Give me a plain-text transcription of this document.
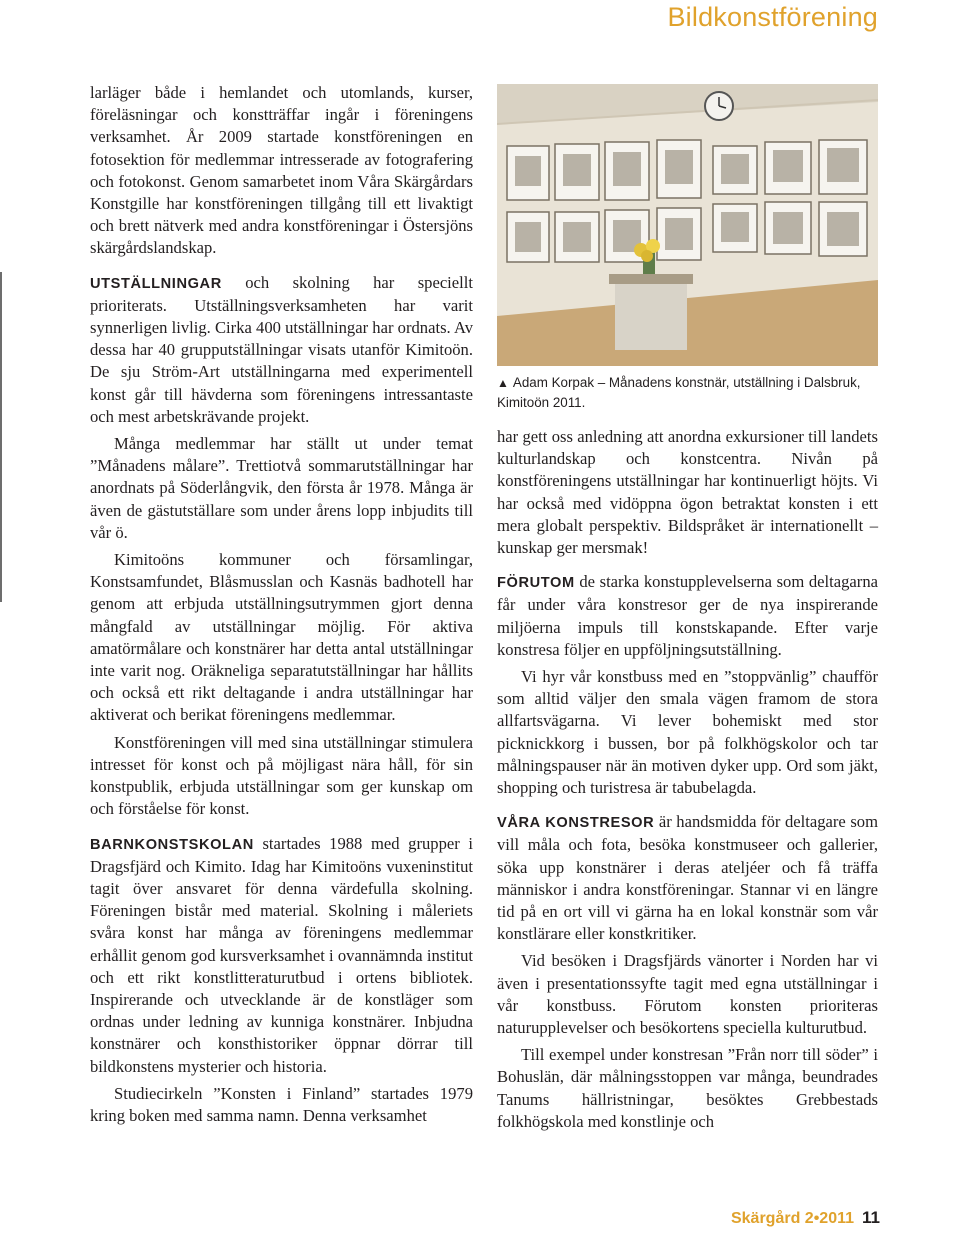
Bildkonstförening

larläger både i hemlandet och utomlands, kurser, föreläsningar och konstträffar ingår i föreningens verksamhet. År 2009 startade konstföreningen en fotosektion för medlemmar intresserade av fotografering och fotokonst. Genom samarbetet inom Våra Skärgårdars Konstgille har konstföreningen tillgång till ett livaktigt och brett nätverk med andra konstföreningar i Östersjöns skärgårdslandskap.

UTSTÄLLNINGAR och skolning har speciellt prioriterats. Utställningsverksamheten har varit synnerligen livlig. Cirka 400 utställningar har ordnats. Av dessa har 40 grupputställningar visats utanför Kimitoön. De sju Ström-Art utställningarna med experimentell konst går till hävderna som föreningens intressantaste och mest arbetskrävande projekt.

Många medlemmar har ställt ut under temat ”Månadens målare”. Trettiotvå sommarutställningar har anordnats på Söderlångvik, den första år 1978. Många är även de gästutställare som under årens lopp inbjudits till vår ö.

Kimitoöns kommuner och församlingar, Konstsamfundet, Blåsmusslan och Kasnäs badhotell har genom att erbjuda utställningsutrymmen gjort denna mångfald av utställningar möjlig. För aktiva amatörmålare och konstnärer har detta antal utställningar inte varit nog. Oräkneliga separatutställningar har hållits och också ett rikt deltagande i andra utställningar har aktiverat och berikat föreningens medlemmar.

Konstföreningen vill med sina utställningar stimulera intresset för konst och på möjligast nära håll, för sin konstpublik, erbjuda utställningar som ger kunskap om och förståelse för konst.

BARNKONSTSKOLAN startades 1988 med grupper i Dragsfjärd och Kimito. Idag har Kimitoöns vuxeninstitut tagit över ansvaret för denna värdefulla skolning. Föreningen bistår med material. Skolning i måleriets svåra konst har många av föreningens medlemmar erhållit genom god kursverksamhet i ovannämnda institut och ett rikt konstlitteraturutbud i ortens bibliotek. Inspirerande och utvecklande är de konstläger som ordnas under ledning av kunniga konstnärer. Inbjudna konstnärer och konsthistoriker öppnar dörrar till bildkonstens mysterier och historia.

Studiecirkeln ”Konsten i Finland” startades 1979 kring boken med samma namn. Denna verksamhet

▲ Adam Korpak – Månadens konstnär, utställning i Dalsbruk, Kimitoön 2011.

har gett oss anledning att anordna exkursioner till landets kulturlandskap och konstcentra. Nivån på konstföreningens utställningar har kontinuerligt höjts. Vi har också med vidöppna ögon betraktat konsten i ett mera globalt perspektiv. Bildspråket är internationellt – kunskap ger mersmak!

FÖRUTOM de starka konstupplevelserna som deltagarna får under våra konstresor ger de nya inspirerande miljöerna impuls till konstskapande. Efter varje konstresa följer en uppföljningsutställning.

Vi hyr vår konstbuss med en ”stoppvänlig” chaufför som alltid väljer den smala vägen framom de stora allfartsvägarna. Vi lever bohemiskt med stor picknickkorg i bussen, bor på folkhögskolor och tar målningspauser när än motiven dyker upp. Ord som jäkt, shopping och turistresa är tabubelagda.

VÅRA KONSTRESOR är handsmidda för deltagare som vill måla och fota, besöka konstmuseer och gallerier, söka upp konstnärer i deras ateljéer och få träffa människor i andra konstföreningar. Stannar vi en längre tid på en ort vill vi gärna ha en lokal konstnär som vår konstlärare eller konstkritiker.

Vid besöken i Dragsfjärds vänorter i Norden har vi även i presentationssyfte tagit med egna utställningar i vår konstbuss. Förutom konsten prioriteras naturupplevelser och besökortens speciella kulturutbud.

Till exempel under konstresan ”Från norr till söder” i Bohuslän, där målningsstoppen var många, beundrades Tanums hällristningar, besöktes Grebbestads folkhögskola med konstlinje och

Skärgård 2•2011 11
